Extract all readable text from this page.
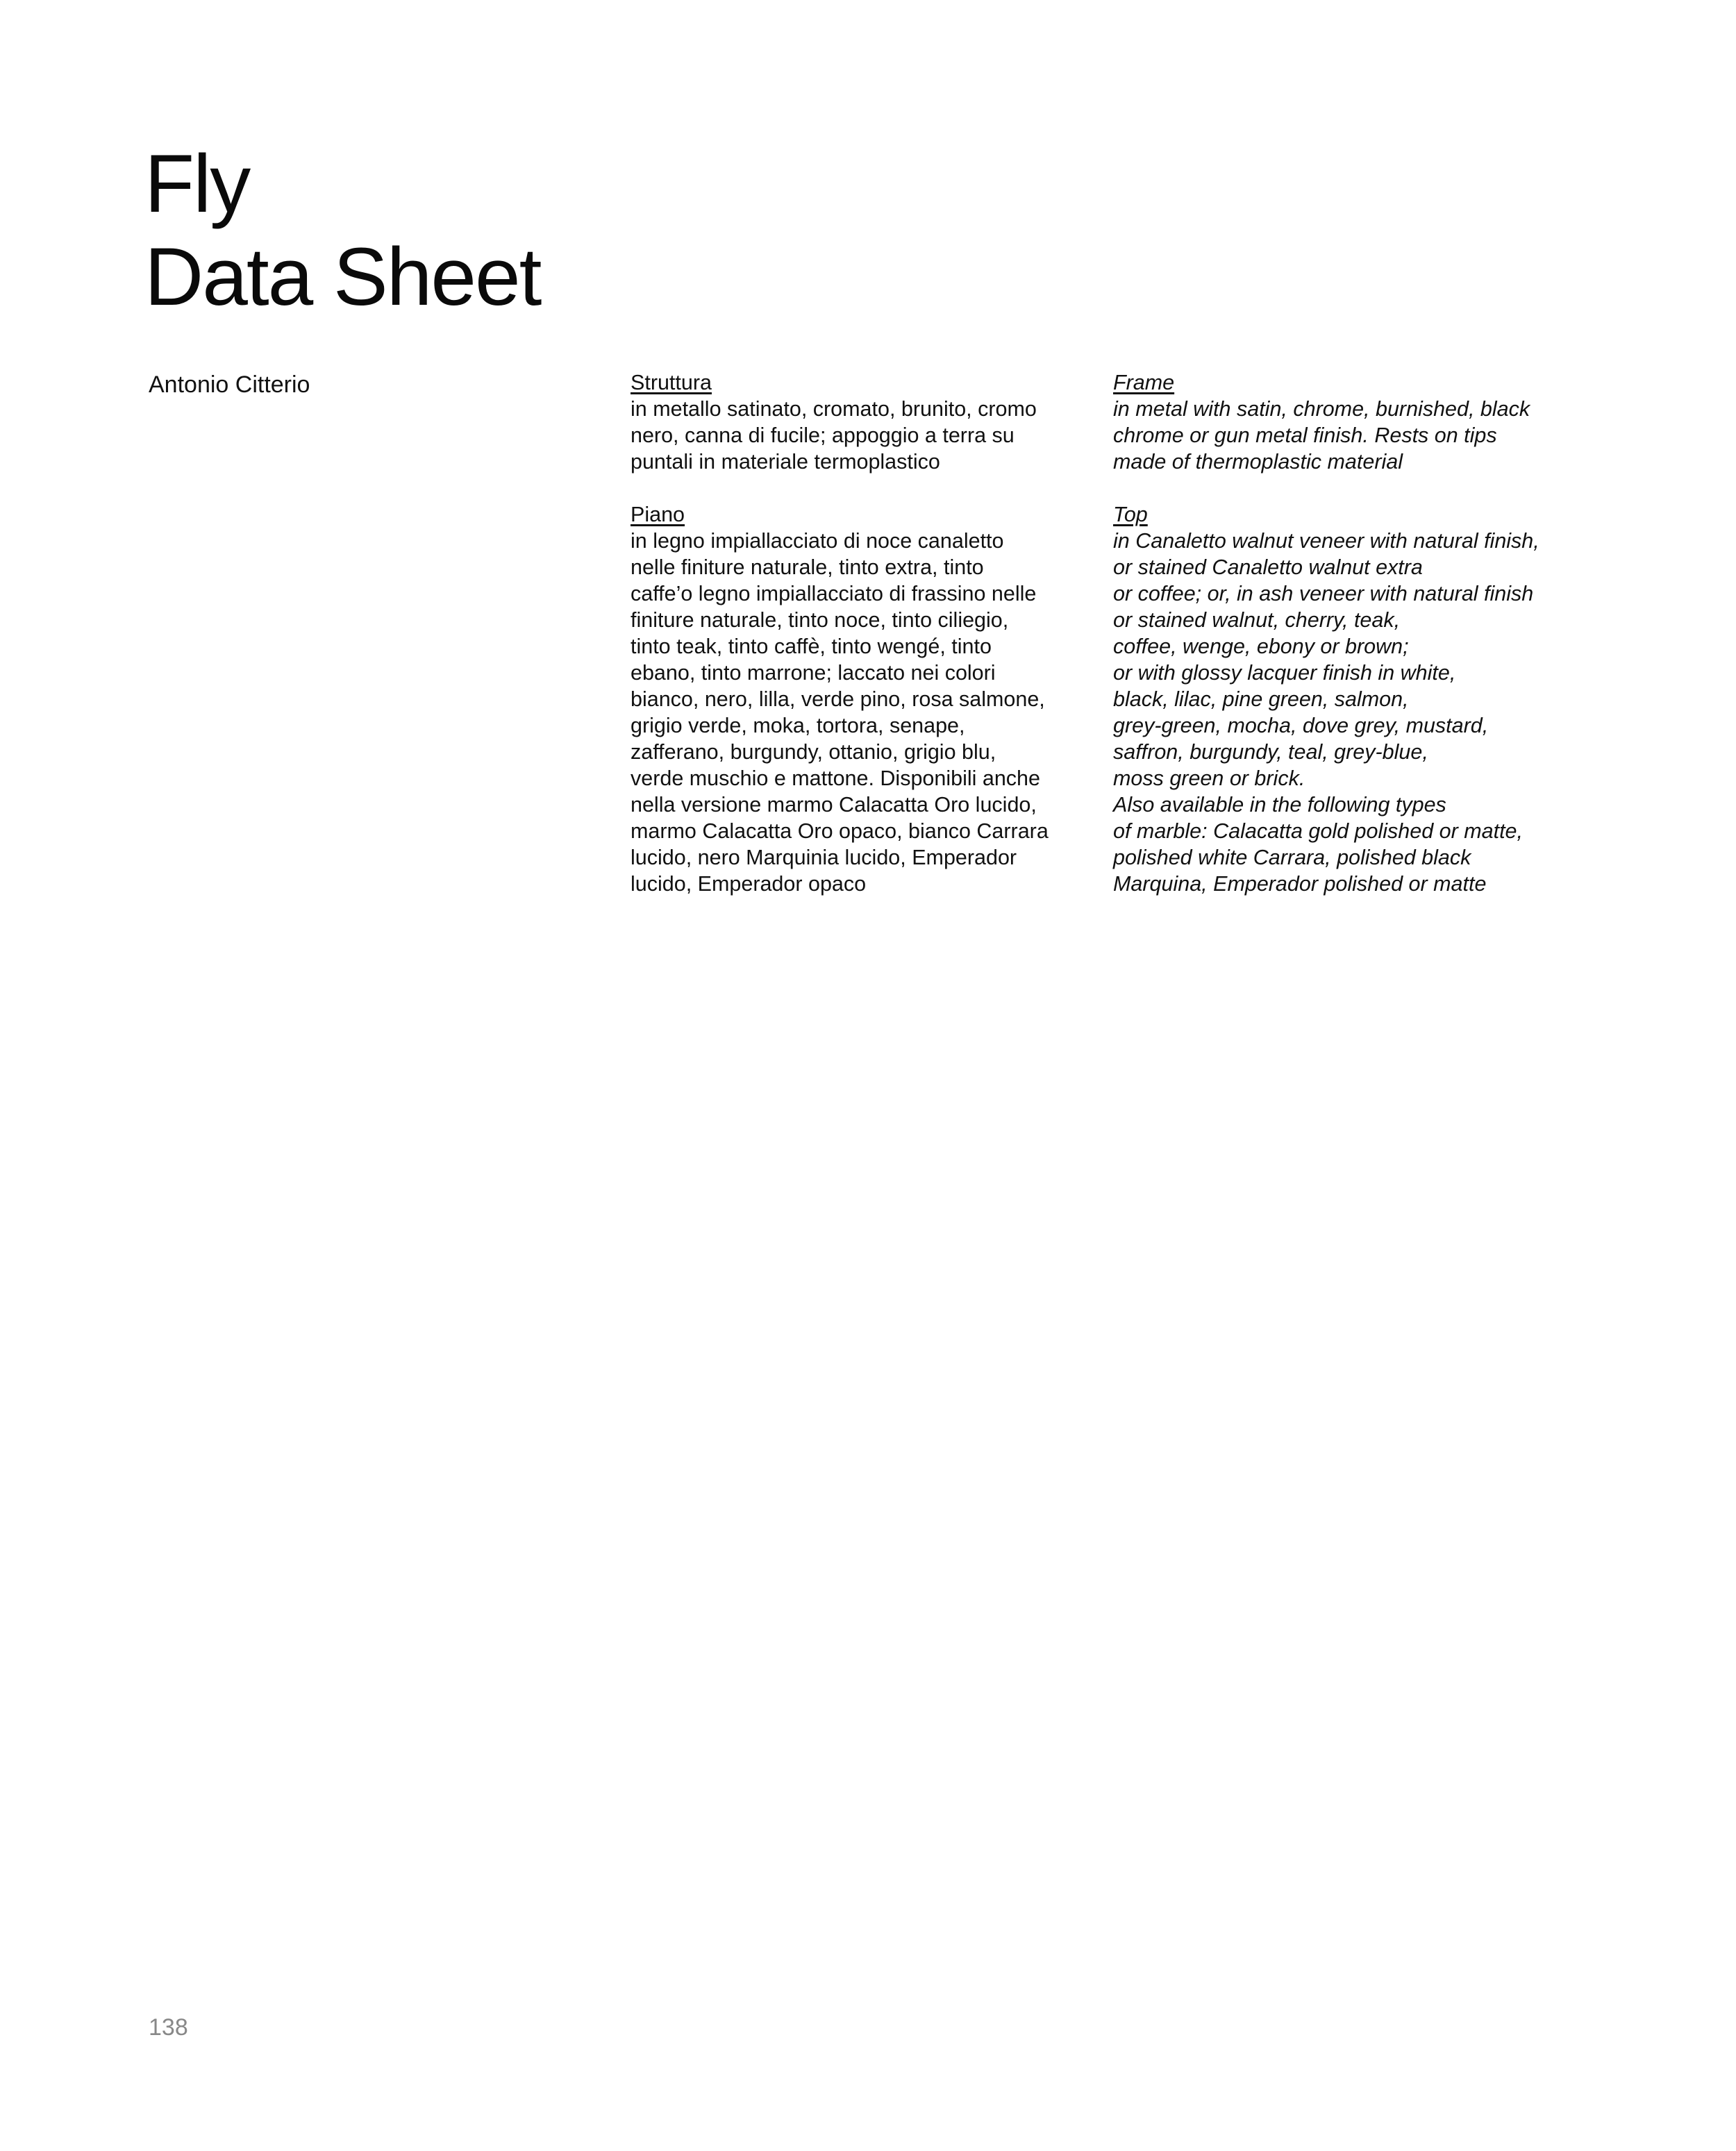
Fly
Data Sheet
Antonio Citterio	Struttura
in metallo satinato, cromato, brunito, cromo
nero, canna di fucile; appoggio a terra su
puntali in materiale termoplastico
Piano
in legno impiallacciato di noce canaletto
nelle finiture naturale, tinto extra, tinto
caffe’o legno impiallacciato di frassino nelle
finiture naturale, tinto noce, tinto ciliegio,
tinto teak, tinto caffè, tinto wengé, tinto
ebano, tinto marrone; laccato nei colori
bianco, nero, lilla, verde pino, rosa salmone,
grigio verde, moka, tortora, senape,
zafferano, burgundy, ottanio, grigio blu,
verde muschio e mattone. Disponibili anche
nella versione marmo Calacatta Oro lucido,
marmo Calacatta Oro opaco, bianco Carrara
lucido, nero Marquinia lucido, Emperador
lucido, Emperador opaco
Frame
in metal with satin, chrome, burnished, black
chrome or gun metal finish. Rests on tips
made of thermoplastic material
Top
in Canaletto walnut veneer with natural finish,
or stained Canaletto walnut extra
or coffee; or, in ash veneer with natural finish
or stained walnut, cherry, teak,
coffee, wenge, ebony or brown;
or with glossy lacquer finish in white,
black, lilac, pine green, salmon,
grey-green, mocha, dove grey, mustard,
saffron, burgundy, teal, grey-blue,
moss green or brick.
Also available in the following types
of marble: Calacatta gold polished or matte,
polished white Carrara, polished black
Marquina, Emperador polished or matte
138
